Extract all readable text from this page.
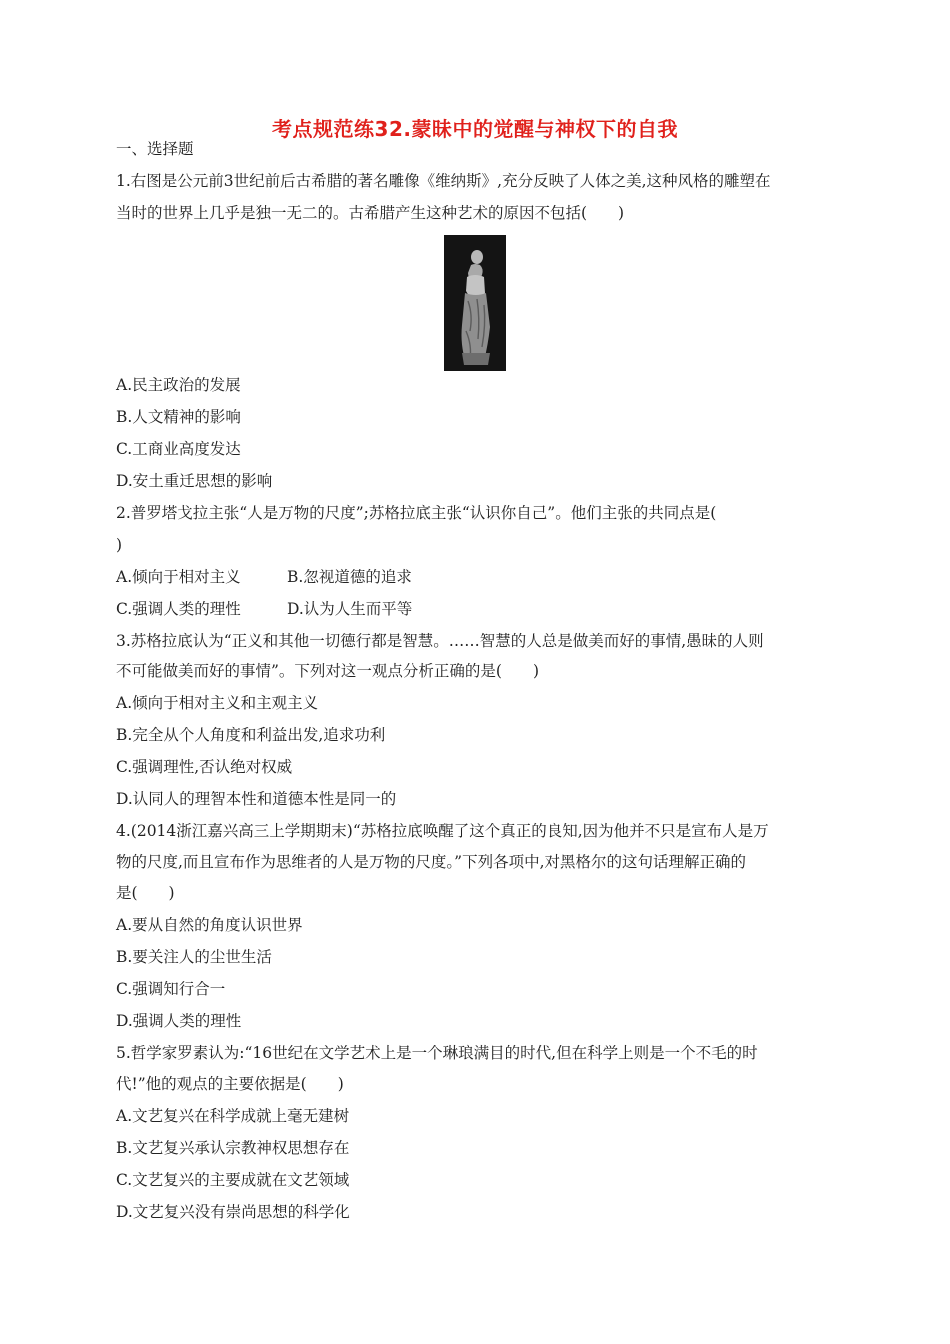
考点规范练32.蒙昧中的觉醒与神权下的自我
一、选择题
1.右图是公元前3世纪前后古希腊的著名雕像《维纳斯》,充分反映了人体之美,这种风格的雕塑在
当时的世界上几乎是独一无二的。古希腊产生这种艺术的原因不包括(　　)
A.民主政治的发展
B.人文精神的影响
C.工商业高度发达
D.安土重迁思想的影响
2.普罗塔戈拉主张“人是万物的尺度”;苏格拉底主张“认识你自己”。他们主张的共同点是(
)
A.倾向于相对主义	B.忽视道德的追求
C.强调人类的理性	D.认为人生而平等
3.苏格拉底认为“正义和其他一切德行都是智慧。……智慧的人总是做美而好的事情,愚昧的人则
不可能做美而好的事情”。下列对这一观点分析正确的是(　　)
A.倾向于相对主义和主观主义
B.完全从个人角度和利益出发,追求功利
C.强调理性,否认绝对权威
D.认同人的理智本性和道德本性是同一的
4.(2014浙江嘉兴高三上学期期末)“苏格拉底唤醒了这个真正的良知,因为他并不只是宣布人是万
物的尺度,而且宣布作为思维者的人是万物的尺度。”下列各项中,对黑格尔的这句话理解正确的
是(　　)
A.要从自然的角度认识世界
B.要关注人的尘世生活
C.强调知行合一
D.强调人类的理性
5.哲学家罗素认为:“16世纪在文学艺术上是一个琳琅满目的时代,但在科学上则是一个不毛的时
代!”他的观点的主要依据是(　　)
A.文艺复兴在科学成就上毫无建树
B.文艺复兴承认宗教神权思想存在
C.文艺复兴的主要成就在文艺领域
D.文艺复兴没有崇尚思想的科学化
